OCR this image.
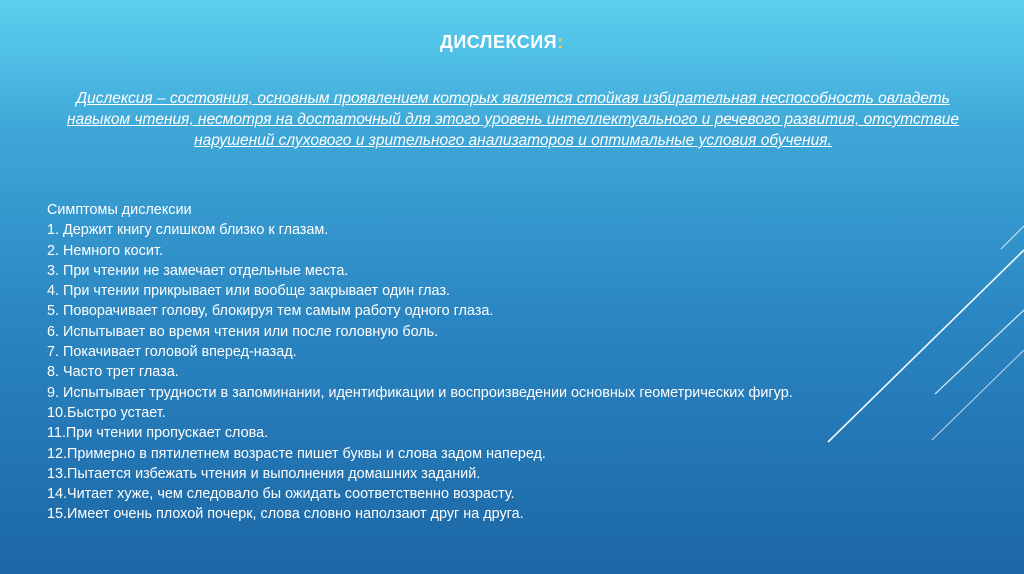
ДИСЛЕКСИЯ:

Дислексия – состояния, основным проявлением которых является стойкая избирательная неспособность овладеть навыком чтения, несмотря на достаточный для этого уровень интеллектуального и речевого развития, отсутствие нарушений слухового и зрительного анализаторов и оптимальные условия обучения.

Симптомы дислексии
1. Держит книгу слишком близко к глазам.
2. Немного косит.
3. При чтении не замечает отдельные места.
4. При чтении прикрывает или вообще закрывает один глаз.
5. Поворачивает голову, блокируя тем самым работу одного глаза.
6. Испытывает во время чтения или после головную боль.
7. Покачивает головой вперед-назад.
8. Часто трет глаза.
9. Испытывает трудности в запоминании, идентификации и воспроизведении основных геометрических фигур.
10.Быстро устает.
11.При чтении пропускает слова.
12.Примерно в пятилетнем возрасте пишет буквы и слова задом наперед.
13.Пытается избежать чтения и выполнения домашних заданий.
14.Читает хуже, чем следовало бы ожидать соответственно возрасту.
15.Имеет очень плохой почерк, слова словно наползают друг на друга.
